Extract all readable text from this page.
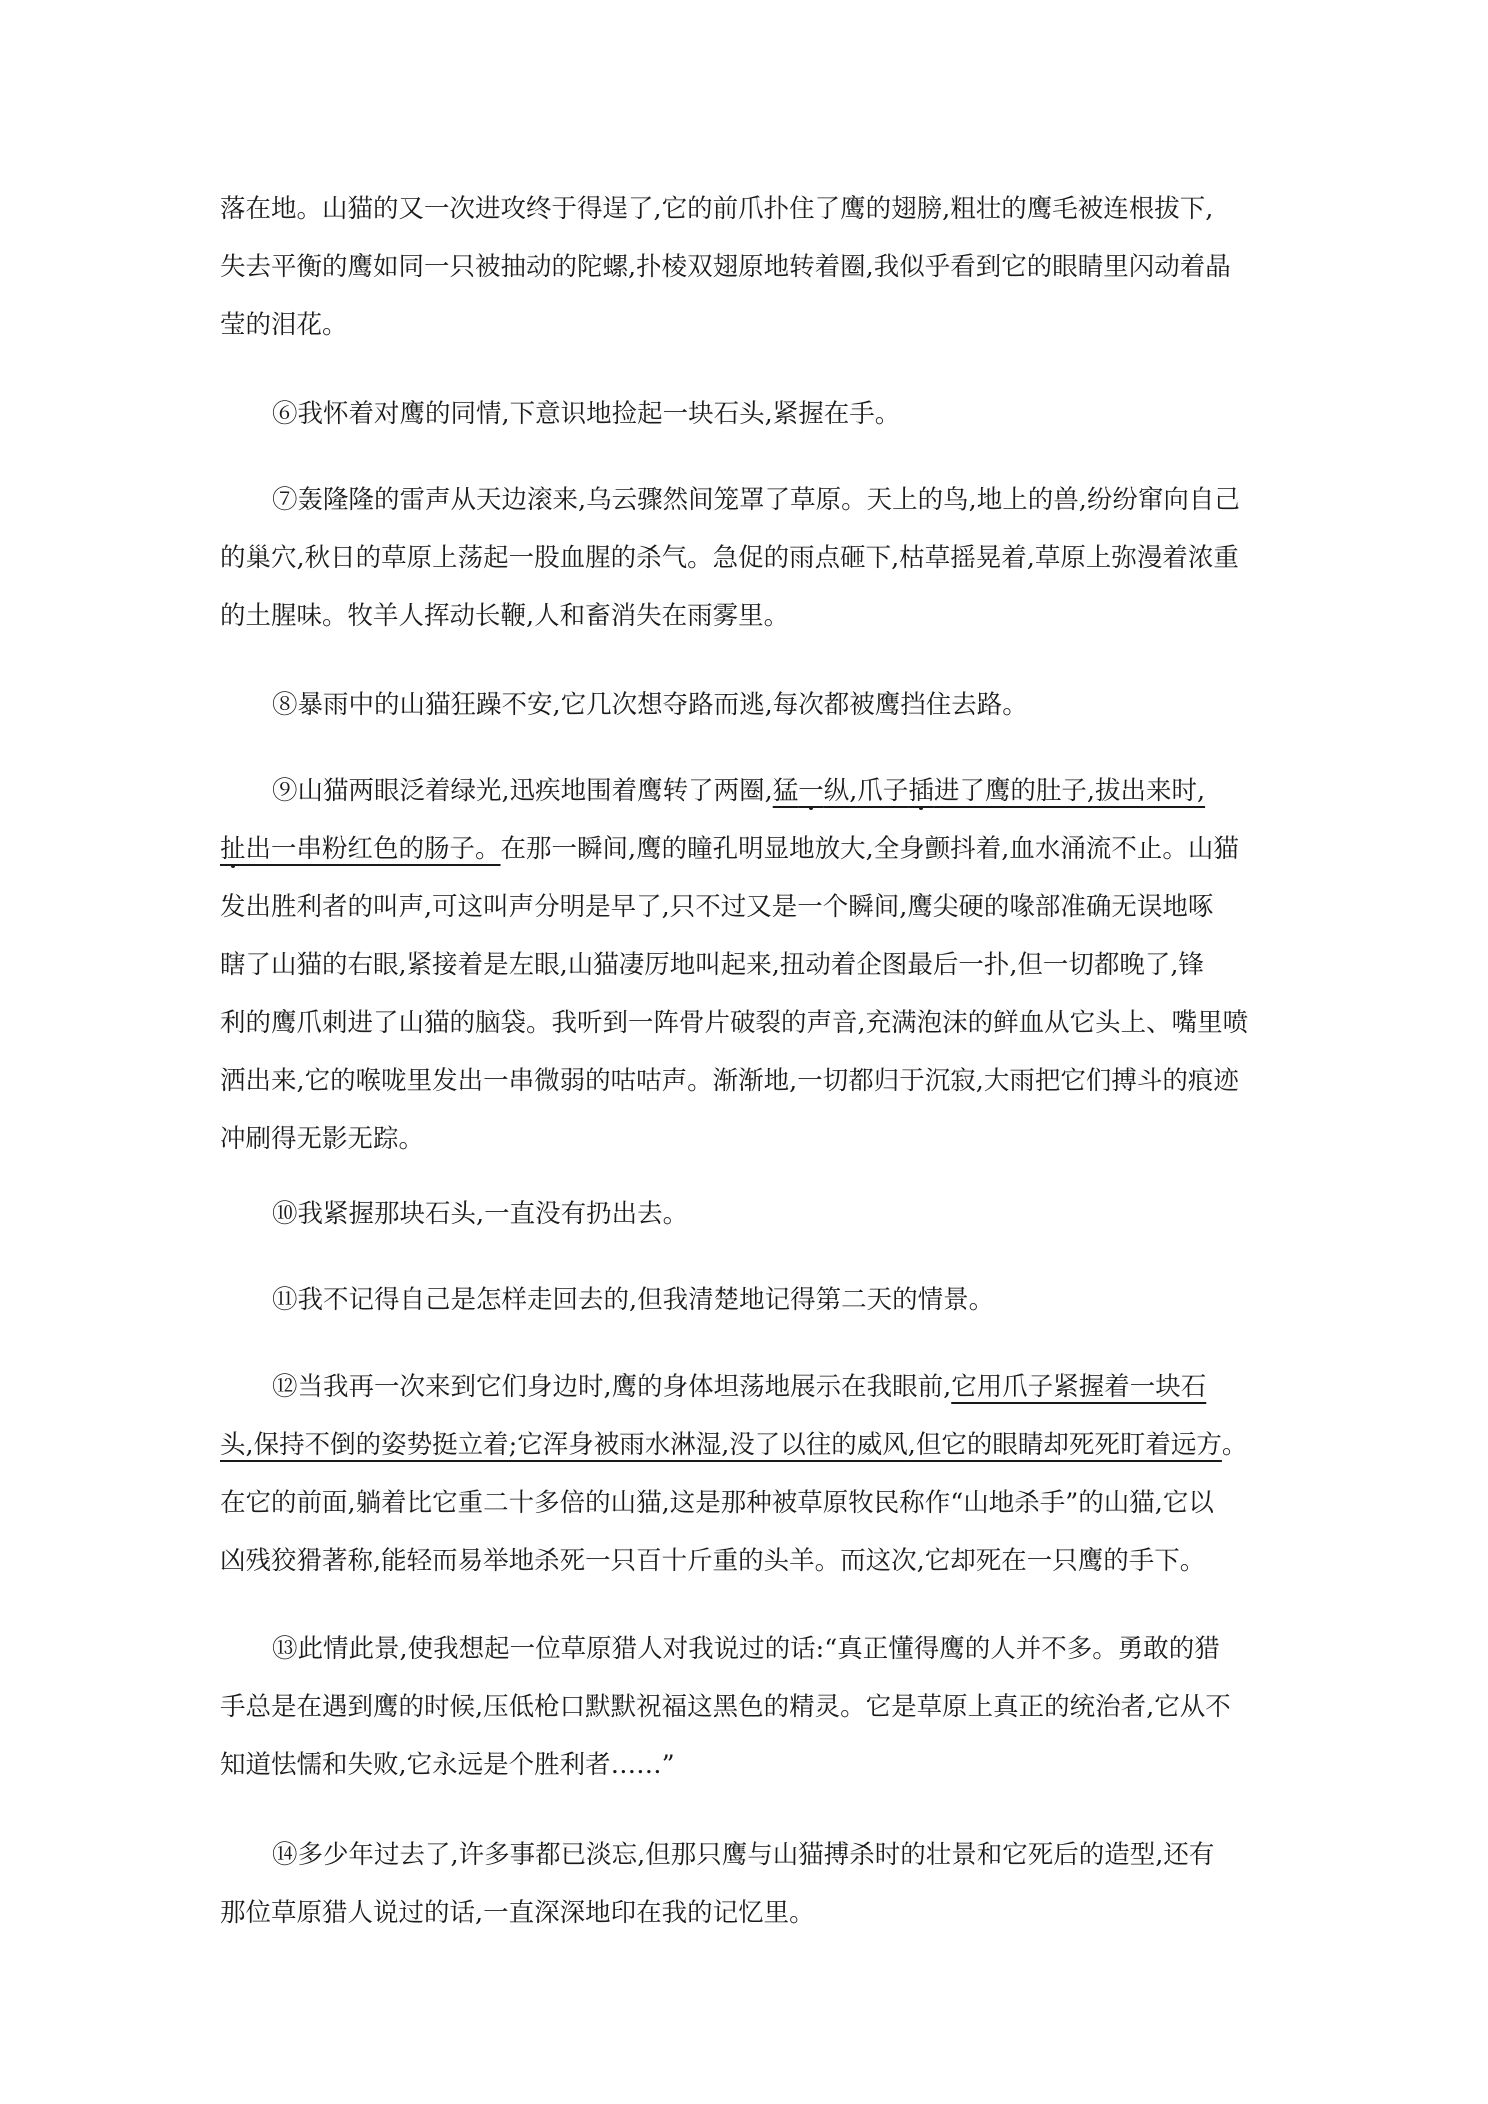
落在地。山猫的又一次进攻终于得逞了,它的前爪扑住了鹰的翅膀,粗壮的鹰毛被连根拔下,
失去平衡的鹰如同一只被抽动的陀螺,扑棱双翅原地转着圈,我似乎看到它的眼睛里闪动着晶
莹的泪花。
⑥我怀着对鹰的同情,下意识地捡起一块石头,紧握在手。
⑦轰隆隆的雷声从天边滚来,乌云骤然间笼罩了草原。天上的鸟,地上的兽,纷纷窜向自己
的巢穴,秋日的草原上荡起一股血腥的杀气。急促的雨点砸下,枯草摇晃着,草原上弥漫着浓重
的土腥味。牧羊人挥动长鞭,人和畜消失在雨雾里。
⑧暴雨中的山猫狂躁不安,它几次想夺路而逃,每次都被鹰挡住去路。
⑨山猫两眼泛着绿光,迅疾地围着鹰转了两圈,猛一纵,爪子插进了鹰的肚子,拔出来时,
扯出一串粉红色的肠子。在那一瞬间,鹰的瞳孔明显地放大,全身颤抖着,血水涌流不止。山猫
发出胜利者的叫声,可这叫声分明是早了,只不过又是一个瞬间,鹰尖硬的喙部准确无误地啄
瞎了山猫的右眼,紧接着是左眼,山猫凄厉地叫起来,扭动着企图最后一扑,但一切都晚了,锋
利的鹰爪刺进了山猫的脑袋。我听到一阵骨片破裂的声音,充满泡沫的鲜血从它头上、嘴里喷
洒出来,它的喉咙里发出一串微弱的咕咕声。渐渐地,一切都归于沉寂,大雨把它们搏斗的痕迹
冲刷得无影无踪。
⑩我紧握那块石头,一直没有扔出去。
⑪我不记得自己是怎样走回去的,但我清楚地记得第二天的情景。
⑫当我再一次来到它们身边时,鹰的身体坦荡地展示在我眼前,它用爪子紧握着一块石
头,保持不倒的姿势挺立着;它浑身被雨水淋湿,没了以往的威风,但它的眼睛却死死盯着远方。
在它的前面,躺着比它重二十多倍的山猫,这是那种被草原牧民称作“山地杀手”的山猫,它以
凶残狡猾著称,能轻而易举地杀死一只百十斤重的头羊。而这次,它却死在一只鹰的手下。
⑬此情此景,使我想起一位草原猎人对我说过的话:“真正懂得鹰的人并不多。勇敢的猎
手总是在遇到鹰的时候,压低枪口默默祝福这黑色的精灵。它是草原上真正的统治者,它从不
知道怯懦和失败,它永远是个胜利者……”
⑭多少年过去了,许多事都已淡忘,但那只鹰与山猫搏杀时的壮景和它死后的造型,还有
那位草原猎人说过的话,一直深深地印在我的记忆里。
